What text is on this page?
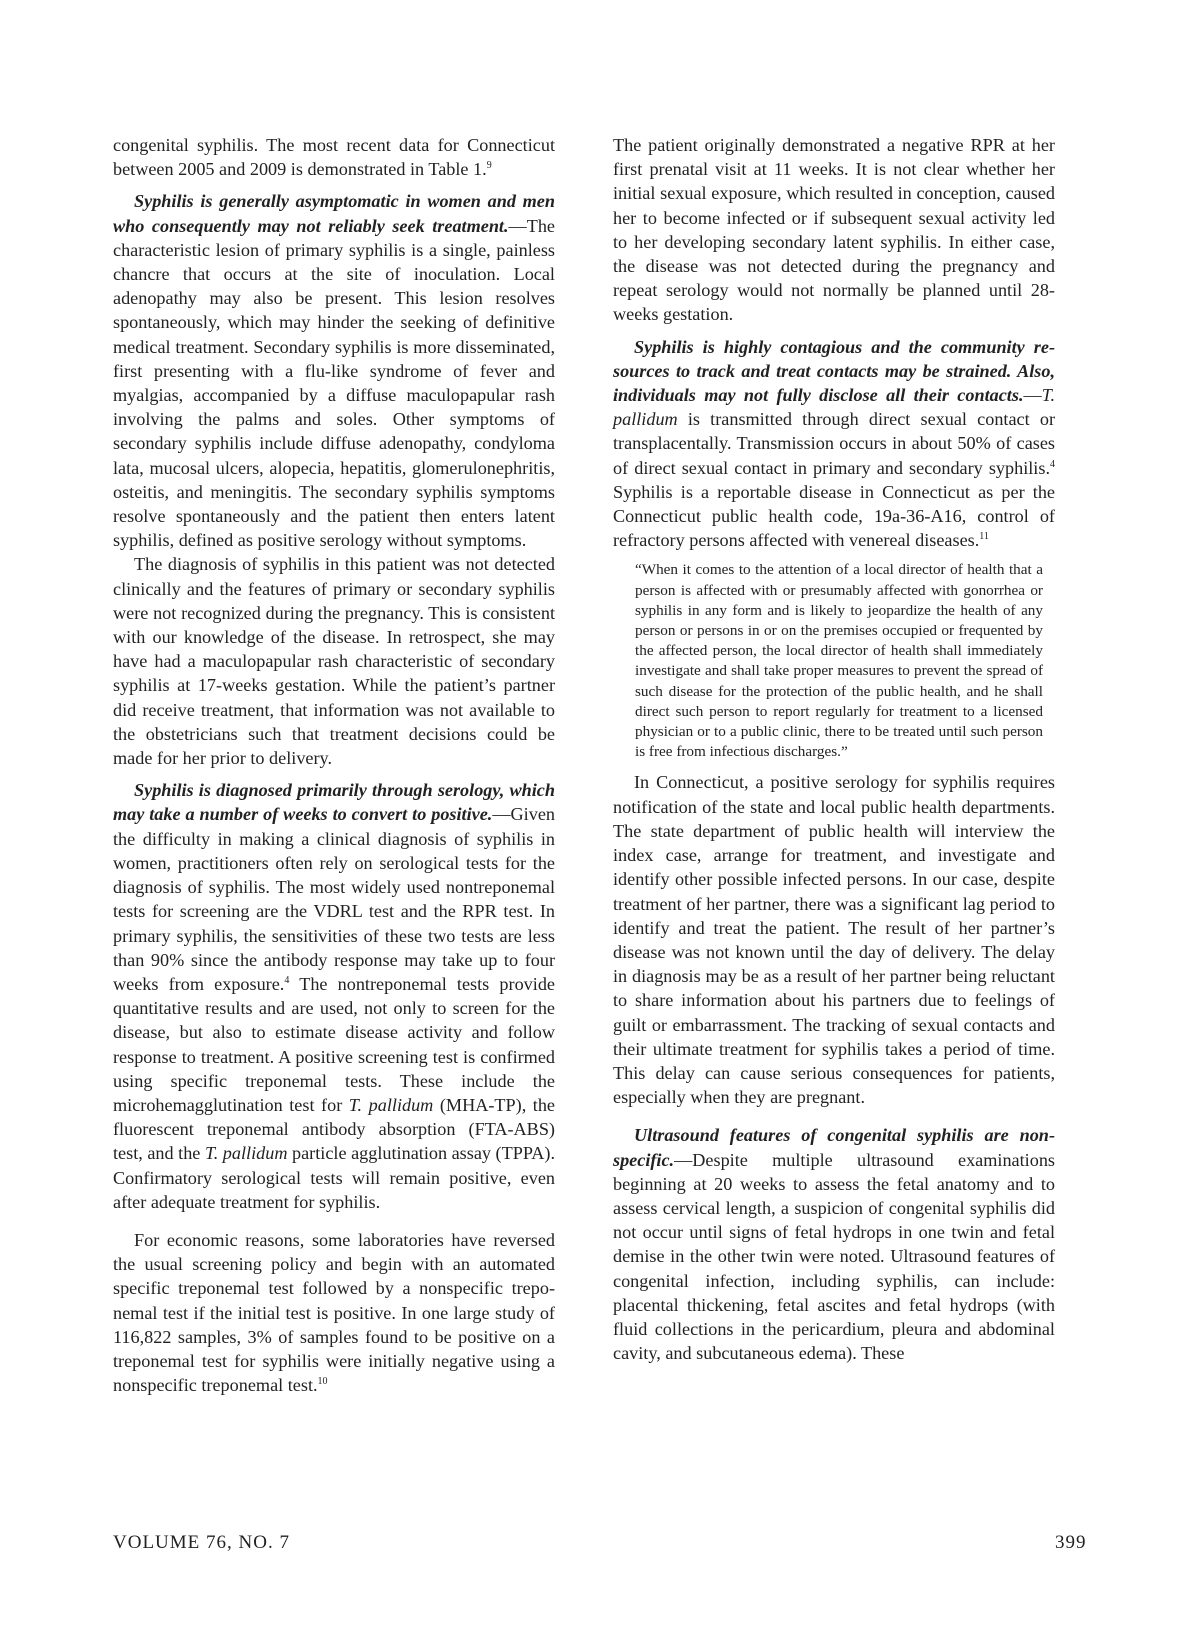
congenital syphilis. The most recent data for Connecticut between 2005 and 2009 is demonstrated in Table 1.$^9$

Syphilis is generally asymptomatic in women and men who consequently may not reliably seek treatment.—The characteristic lesion of primary syphilis is a single, painless chancre that occurs at the site of inoculation. Local adenopathy may also be present. This lesion resolves spontaneously, which may hinder the seeking of definitive medical treatment. Secondary syphilis is more disseminated, first presenting with a flu-like syndrome of fever and myalgias, accompanied by a diffuse maculopapular rash involving the palms and soles. Other symptoms of secondary syphilis include diffuse adenopathy, condyloma lata, mucosal ulcers, alopecia, hepatitis, glomerulonephritis, osteitis, and meningitis. The secondary syphilis symptoms resolve spontaneously and the patient then enters latent syphilis, defined as positive serology without symptoms.

The diagnosis of syphilis in this patient was not detected clinically and the features of primary or secondary syphilis were not recognized during the pregnancy. This is consistent with our knowledge of the disease. In retrospect, she may have had a maculopapular rash characteristic of secondary syphilis at 17-weeks gestation. While the patient’s partner did receive treatment, that information was not available to the obstetricians such that treatment decisions could be made for her prior to delivery.

Syphilis is diagnosed primarily through serology, which may take a number of weeks to convert to positive.—Given the difficulty in making a clinical diagnosis of syphilis in women, practitioners often rely on serological tests for the diagnosis of syphilis. The most widely used nontreponemal tests for screening are the VDRL test and the RPR test. In primary syphilis, the sensitivities of these two tests are less than 90% since the antibody response may take up to four weeks from exposure.$^4$ The nontreponemal tests provide quantitative results and are used, not only to screen for the disease, but also to estimate disease activity and follow response to treatment. A positive screening test is confirmed using specific treponemal tests. These include the microhemagglutination test for T. pallidum (MHA-TP), the fluorescent treponemal antibody absorption (FTA-ABS) test, and the T. pallidum particle agglutination assay (TPPA). Confirmatory serological tests will remain positive, even after adequate treatment for syphilis.

For economic reasons, some laboratories have reversed the usual screening policy and begin with an automated specific treponemal test followed by a nonspecific treponemal test if the initial test is positive. In one large study of 116,822 samples, 3% of samples found to be positive on a treponemal test for syphilis were initially negative using a nonspecific treponemal test.$^{10}$

The patient originally demonstrated a negative RPR at her first prenatal visit at 11 weeks. It is not clear whether her initial sexual exposure, which resulted in conception, caused her to become infected or if subsequent sexual activity led to her developing secondary latent syphilis. In either case, the disease was not detected during the pregnancy and repeat serology would not normally be planned until 28-weeks gestation.

Syphilis is highly contagious and the community resources to track and treat contacts may be strained. Also, individuals may not fully disclose all their contacts.—T. pallidum is transmitted through direct sexual contact or transplacentally. Transmission occurs in about 50% of cases of direct sexual contact in primary and secondary syphilis.$^4$ Syphilis is a reportable disease in Connecticut as per the Connecticut public health code, 19a-36-A16, control of refractory persons affected with venereal diseases.$^{11}$

“When it comes to the attention of a local director of health that a person is affected with or presumably affected with gonorrhea or syphilis in any form and is likely to jeopardize the health of any person or persons in or on the premises occupied or frequented by the affected person, the local director of health shall immediately investigate and shall take proper measures to prevent the spread of such disease for the protection of the public health, and he shall direct such person to report regularly for treatment to a licensed physician or to a public clinic, there to be treated until such person is free from infectious discharges.”

In Connecticut, a positive serology for syphilis requires notification of the state and local public health departments. The state department of public health will interview the index case, arrange for treatment, and investigate and identify other possible infected persons. In our case, despite treatment of her partner, there was a significant lag period to identify and treat the patient. The result of her partner’s disease was not known until the day of delivery. The delay in diagnosis may be as a result of her partner being reluctant to share information about his partners due to feelings of guilt or embarrassment. The tracking of sexual contacts and their ultimate treatment for syphilis takes a period of time. This delay can cause serious consequences for patients, especially when they are pregnant.

Ultrasound features of congenital syphilis are nonspecific.—Despite multiple ultrasound examinations beginning at 20 weeks to assess the fetal anatomy and to assess cervical length, a suspicion of congenital syphilis did not occur until signs of fetal hydrops in one twin and fetal demise in the other twin were noted. Ultrasound features of congenital infection, including syphilis, can include: placental thickening, fetal ascites and fetal hydrops (with fluid collections in the pericardium, pleura and abdominal cavity, and subcutaneous edema). These

VOLUME 76, NO. 7	399
